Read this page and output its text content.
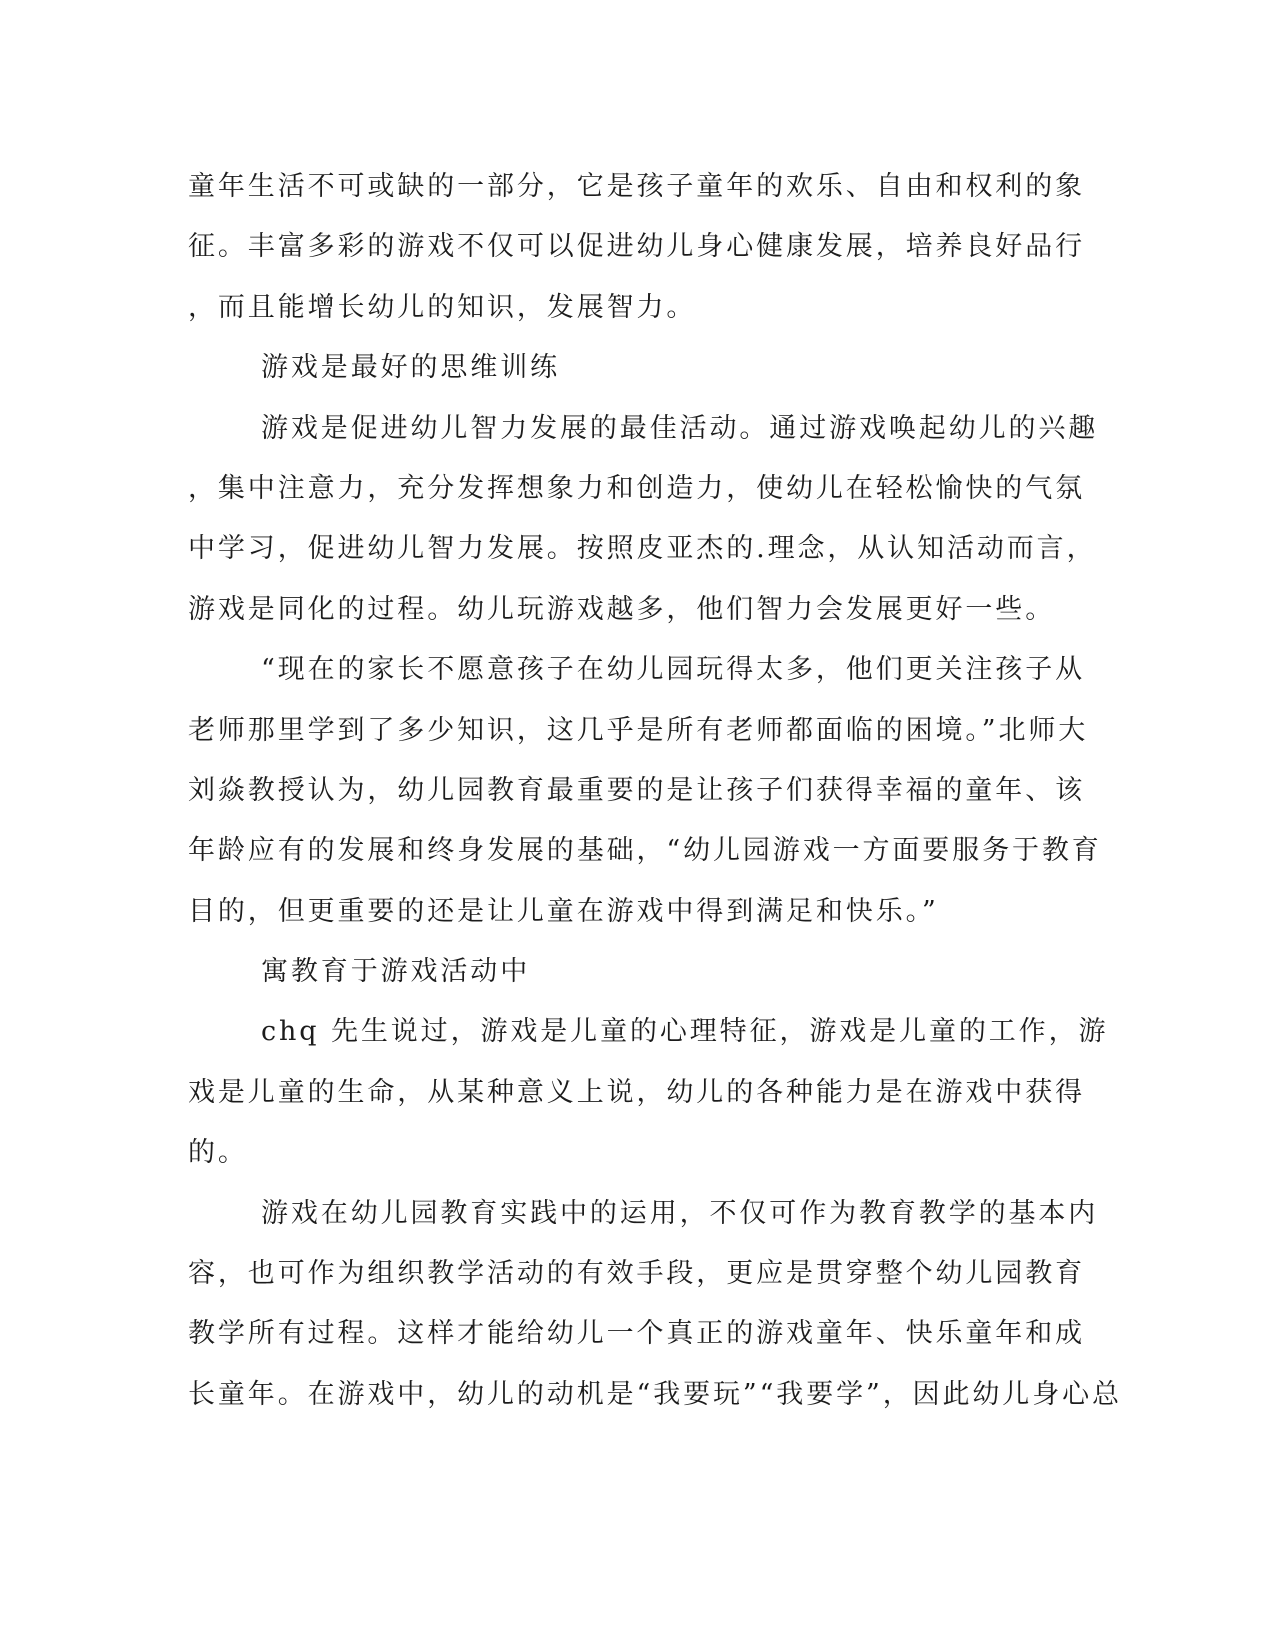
童年生活不可或缺的一部分，它是孩子童年的欢乐、自由和权利的象
征。丰富多彩的游戏不仅可以促进幼儿身心健康发展，培养良好品行
，而且能增长幼儿的知识，发展智力。
游戏是最好的思维训练
游戏是促进幼儿智力发展的最佳活动。通过游戏唤起幼儿的兴趣
，集中注意力，充分发挥想象力和创造力，使幼儿在轻松愉快的气氛
中学习，促进幼儿智力发展。按照皮亚杰的.理念，从认知活动而言，
游戏是同化的过程。幼儿玩游戏越多，他们智力会发展更好一些。
“现在的家长不愿意孩子在幼儿园玩得太多，他们更关注孩子从
老师那里学到了多少知识，这几乎是所有老师都面临的困境。”北师大
刘焱教授认为，幼儿园教育最重要的是让孩子们获得幸福的童年、该
年龄应有的发展和终身发展的基础，“幼儿园游戏一方面要服务于教育
目的，但更重要的还是让儿童在游戏中得到满足和快乐。”
寓教育于游戏活动中
chq 先生说过，游戏是儿童的心理特征，游戏是儿童的工作，游
戏是儿童的生命，从某种意义上说，幼儿的各种能力是在游戏中获得
的。
游戏在幼儿园教育实践中的运用，不仅可作为教育教学的基本内
容，也可作为组织教学活动的有效手段，更应是贯穿整个幼儿园教育
教学所有过程。这样才能给幼儿一个真正的游戏童年、快乐童年和成
长童年。在游戏中，幼儿的动机是“我要玩”“我要学”，因此幼儿身心总
